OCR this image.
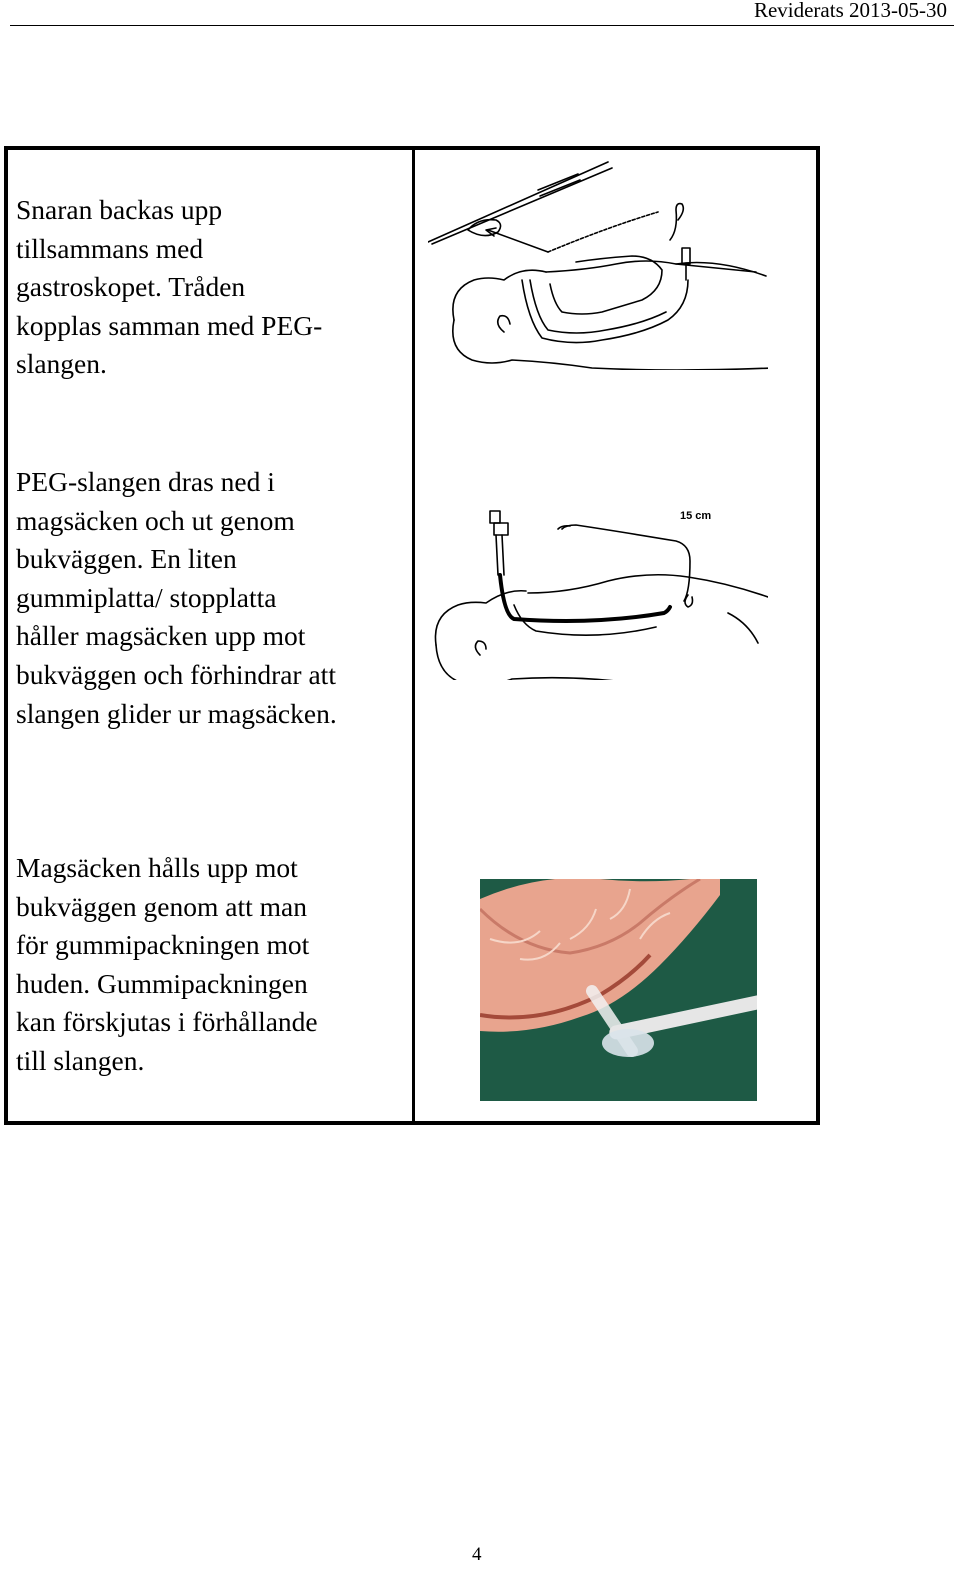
Reviderats 2013-05-30

Snaran backas upp
tillsammans med
gastroskopet. Tråden
kopplas samman med PEG-
slangen.

PEG-slangen dras ned i
magsäcken och ut genom
bukväggen. En liten
gummiplatta/ stopplatta
håller magsäcken upp mot
bukväggen och förhindrar att
slangen glider ur magsäcken.

Magsäcken hålls upp mot
bukväggen genom att man
för gummipackningen mot
huden. Gummipackningen
kan förskjutas i förhållande
till slangen.

15 cm
4
